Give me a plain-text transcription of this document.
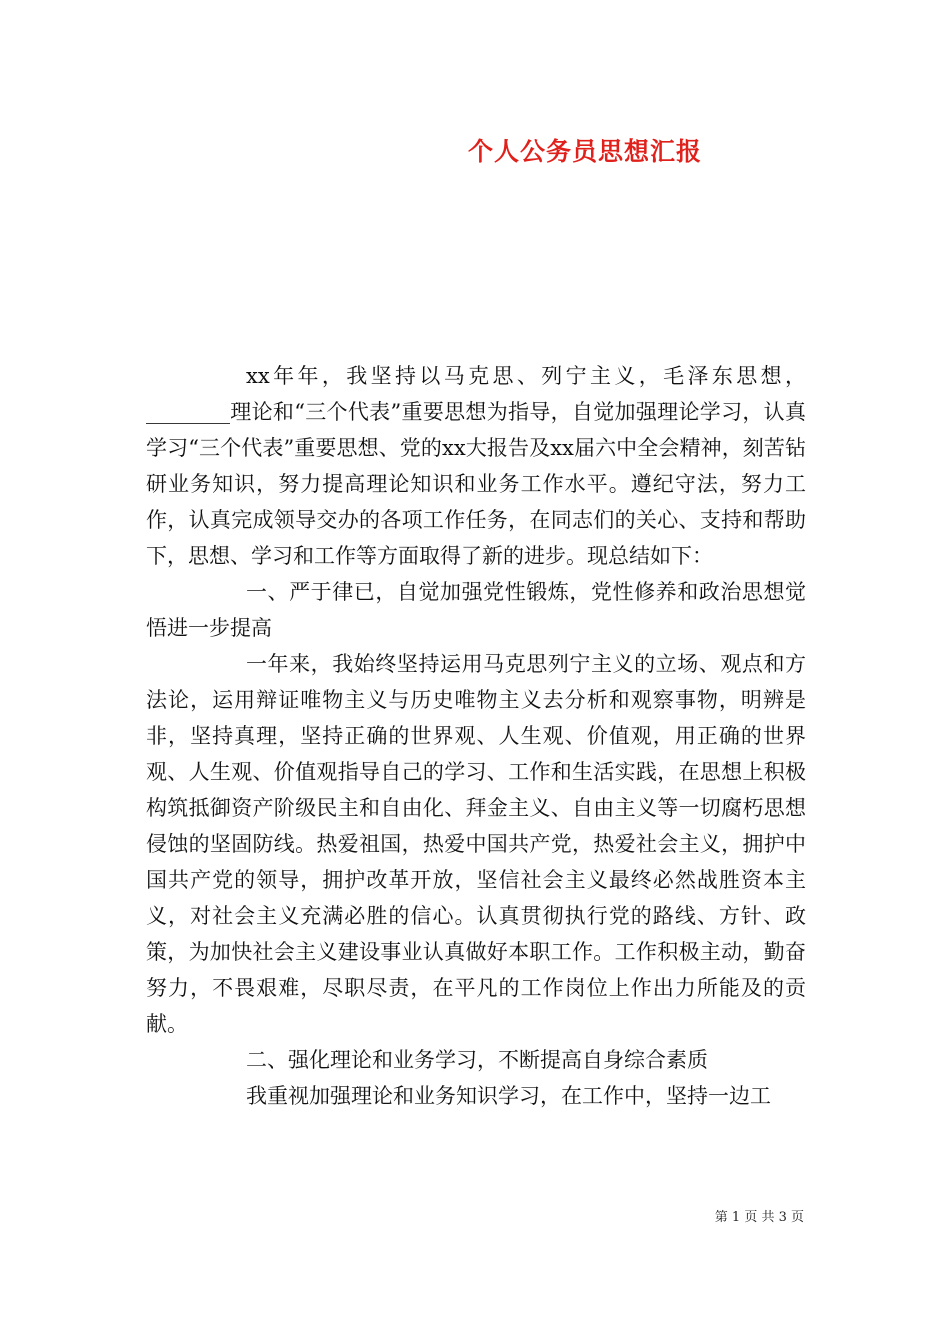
个人公务员思想汇报

xx年年，我坚持以马克思、列宁主义，毛泽东思想，________理论和“三个代表”重要思想为指导，自觉加强理论学习，认真学习“三个代表”重要思想、党的xx大报告及xx届六中全会精神，刻苦钻研业务知识，努力提高理论知识和业务工作水平。遵纪守法，努力工作，认真完成领导交办的各项工作任务，在同志们的关心、支持和帮助下，思想、学习和工作等方面取得了新的进步。现总结如下：

一、严于律已，自觉加强党性锻炼，党性修养和政治思想觉悟进一步提高

一年来，我始终坚持运用马克思列宁主义的立场、观点和方法论，运用辩证唯物主义与历史唯物主义去分析和观察事物，明辨是非，坚持真理，坚持正确的世界观、人生观、价值观，用正确的世界观、人生观、价值观指导自己的学习、工作和生活实践，在思想上积极构筑抵御资产阶级民主和自由化、拜金主义、自由主义等一切腐朽思想侵蚀的坚固防线。热爱祖国，热爱中国共产党，热爱社会主义，拥护中国共产党的领导，拥护改革开放，坚信社会主义最终必然战胜资本主义，对社会主义充满必胜的信心。认真贯彻执行党的路线、方针、政策，为加快社会主义建设事业认真做好本职工作。工作积极主动，勤奋努力，不畏艰难，尽职尽责，在平凡的工作岗位上作出力所能及的贡献。

二、强化理论和业务学习，不断提高自身综合素质

我重视加强理论和业务知识学习，在工作中，坚持一边工

第 1 页 共 3 页
